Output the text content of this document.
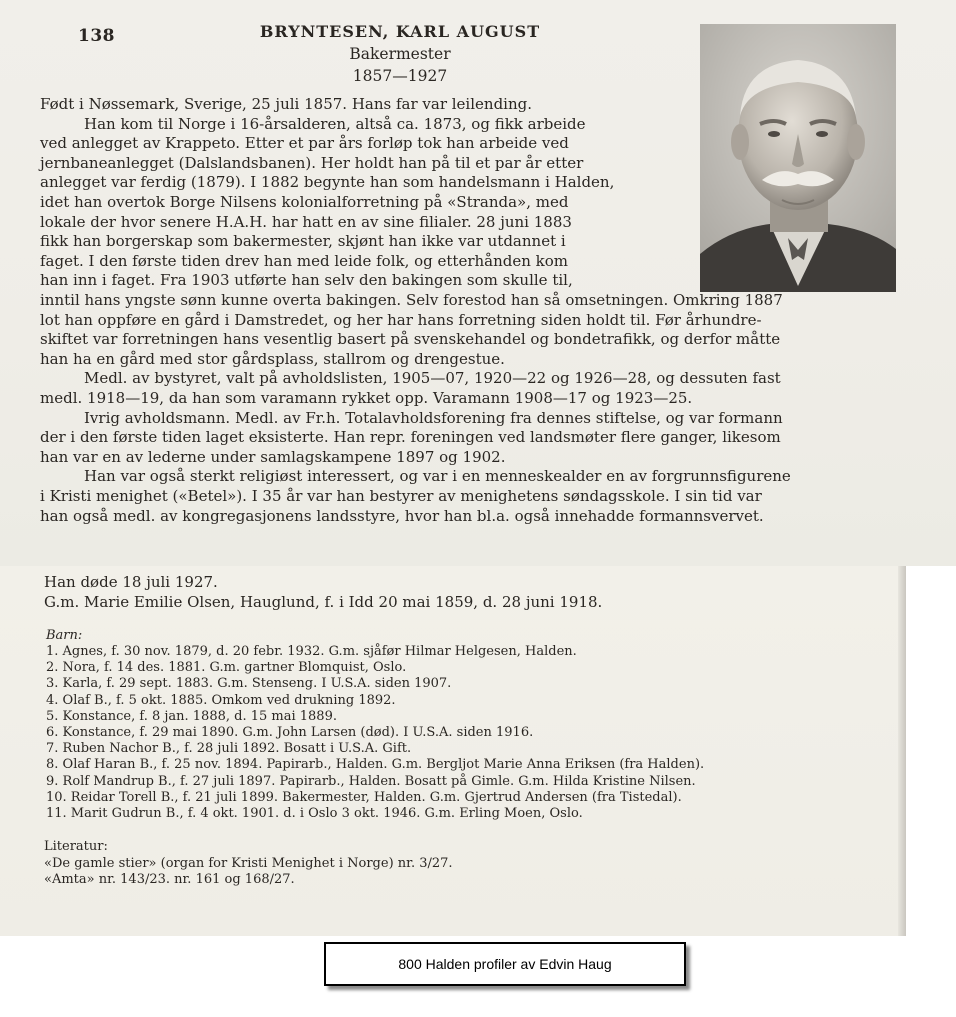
138	BRYNTESEN, KARL AUGUST
Bakermester
1857—1927

Født i Nøssemark, Sverige, 25 juli 1857. Hans far var leilending.

Han kom til Norge i 16-årsalderen, altså ca. 1873, og fikk arbeide

ved anlegget av Krappeto. Etter et par års forløp tok han arbeide ved

jernbaneanlegget (Dalslandsbanen). Her holdt han på til et par år etter

anlegget var ferdig (1879). I 1882 begynte han som handelsmann i Halden,

idet han overtok Borge Nilsens kolonialforretning på «Stranda», med

lokale der hvor senere H.A.H. har hatt en av sine filialer. 28 juni 1883

fikk han borgerskap som bakermester, skjønt han ikke var utdannet i

faget. I den første tiden drev han med leide folk, og etterhånden kom

han inn i faget. Fra 1903 utførte han selv den bakingen som skulle til,

inntil hans yngste sønn kunne overta bakingen. Selv forestod han så omsetningen. Omkring 1887

lot han oppføre en gård i Damstredet, og her har hans forretning siden holdt til. Før århundre-

skiftet var forretningen hans vesentlig basert på svenskehandel og bondetrafikk, og derfor måtte

han ha en gård med stor gårdsplass, stallrom og drengestue.

Medl. av bystyret, valt på avholdslisten, 1905—07, 1920—22 og 1926—28, og dessuten fast

medl. 1918—19, da han som varamann rykket opp. Varamann 1908—17 og 1923—25.

Ivrig avholdsmann. Medl. av Fr.h. Totalavholdsforening fra dennes stiftelse, og var formann

der i den første tiden laget eksisterte. Han repr. foreningen ved landsmøter flere ganger, likesom

han var en av lederne under samlagskampene 1897 og 1902.

Han var også sterkt religiøst interessert, og var i en menneskealder en av forgrunnsfigurene

i Kristi menighet («Betel»). I 35 år var han bestyrer av menighetens søndagsskole. I sin tid var

han også medl. av kongregasjonens landsstyre, hvor han bl.a. også innehadde formannsvervet.

Han døde 18 juli 1927.
G.m. Marie Emilie Olsen, Hauglund, f. i Idd 20 mai 1859, d. 28 juni 1918.
Barn:
1. Agnes, f. 30 nov. 1879, d. 20 febr. 1932. G.m. sjåfør Hilmar Helgesen, Halden.
2. Nora, f. 14 des. 1881. G.m. gartner Blomquist, Oslo.
3. Karla, f. 29 sept. 1883. G.m. Stenseng. I U.S.A. siden 1907.
4. Olaf B., f. 5 okt. 1885. Omkom ved drukning 1892.
5. Konstance, f. 8 jan. 1888, d. 15 mai 1889.
6. Konstance, f. 29 mai 1890. G.m. John Larsen (død). I U.S.A. siden 1916.
7. Ruben Nachor B., f. 28 juli 1892. Bosatt i U.S.A. Gift.
8. Olaf Haran B., f. 25 nov. 1894. Papirarb., Halden. G.m. Bergljot Marie Anna Eriksen (fra Halden).
9. Rolf Mandrup B., f. 27 juli 1897. Papirarb., Halden. Bosatt på Gimle. G.m. Hilda Kristine Nilsen.
10. Reidar Torell B., f. 21 juli 1899. Bakermester, Halden. G.m. Gjertrud Andersen (fra Tistedal).
11. Marit Gudrun B., f. 4 okt. 1901. d. i Oslo 3 okt. 1946. G.m. Erling Moen, Oslo.
Literatur:
«De gamle stier» (organ for Kristi Menighet i Norge) nr. 3/27.
«Amta» nr. 143/23. nr. 161 og 168/27.
800 Halden profiler av Edvin Haug
